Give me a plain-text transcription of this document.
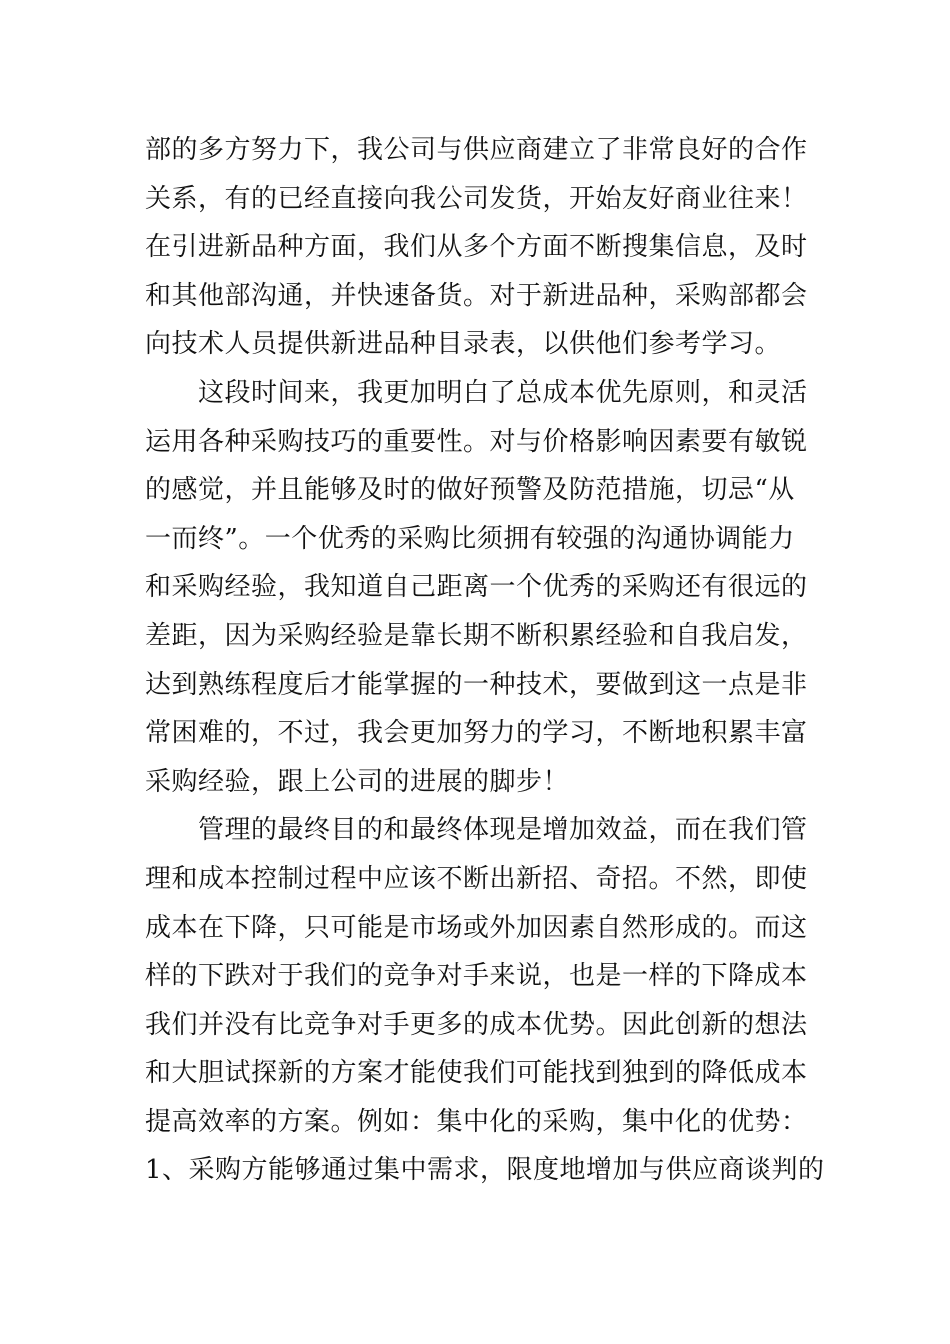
部的多方努力下，我公司与供应商建立了非常良好的合作
关系，有的已经直接向我公司发货，开始友好商业往来！
在引进新品种方面，我们从多个方面不断搜集信息，及时
和其他部沟通，并快速备货。对于新进品种，采购部都会
向技术人员提供新进品种目录表，以供他们参考学习。
这段时间来，我更加明白了总成本优先原则，和灵活
运用各种采购技巧的重要性。对与价格影响因素要有敏锐
的感觉，并且能够及时的做好预警及防范措施，切忌“从
一而终”。一个优秀的采购比须拥有较强的沟通协调能力
和采购经验，我知道自己距离一个优秀的采购还有很远的
差距，因为采购经验是靠长期不断积累经验和自我启发，
达到熟练程度后才能掌握的一种技术，要做到这一点是非
常困难的，不过，我会更加努力的学习，不断地积累丰富
采购经验，跟上公司的进展的脚步！
管理的最终目的和最终体现是增加效益，而在我们管
理和成本控制过程中应该不断出新招、奇招。不然，即使
成本在下降，只可能是市场或外加因素自然形成的。而这
样的下跌对于我们的竞争对手来说，也是一样的下降成本
我们并没有比竞争对手更多的成本优势。因此创新的想法
和大胆试探新的方案才能使我们可能找到独到的降低成本
提高效率的方案。例如：集中化的采购，集中化的优势：
1、采购方能够通过集中需求，限度地增加与供应商谈判的
